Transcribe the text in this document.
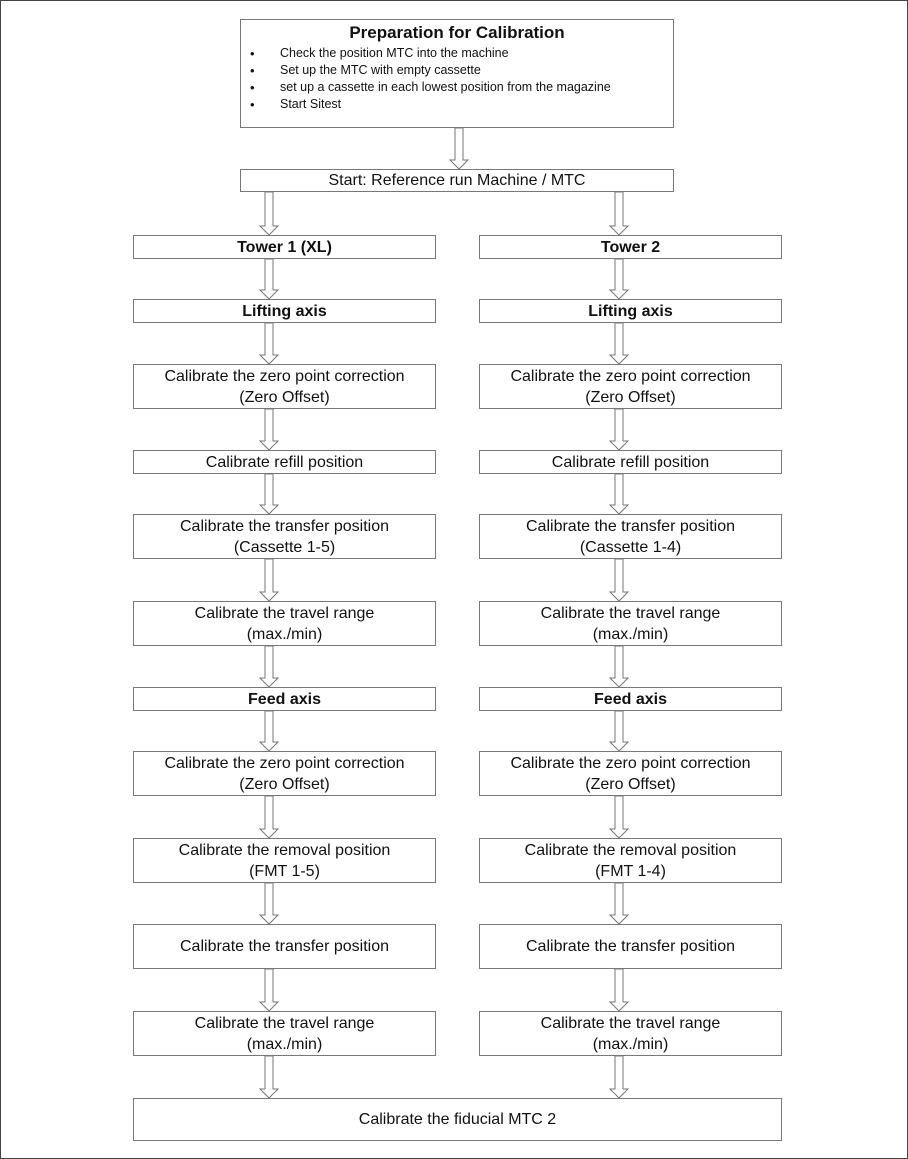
Preparation for Calibration
• Check the position MTC into the machine
• Set up the MTC with empty cassette
• set up a cassette in each lowest position from the magazine
• Start Sitest
Start: Reference run Machine / MTC
Tower 1 (XL)
Lifting axis
Calibrate the zero point correction
(Zero Offset)
Calibrate refill position
Calibrate the transfer position
(Cassette 1-5)
Calibrate the travel range
(max./min)
Feed axis
Calibrate the zero point correction
(Zero Offset)
Calibrate the removal position
(FMT 1-5)
Calibrate the transfer position
Calibrate the travel range
(max./min)
Tower 2
Lifting axis
Calibrate the zero point correction
(Zero Offset)
Calibrate refill position
Calibrate the transfer position
(Cassette 1-4)
Calibrate the travel range
(max./min)
Feed axis
Calibrate the zero point correction
(Zero Offset)
Calibrate the removal position
(FMT 1-4)
Calibrate the transfer position
Calibrate the travel range
(max./min)
Calibrate the fiducial MTC 2
